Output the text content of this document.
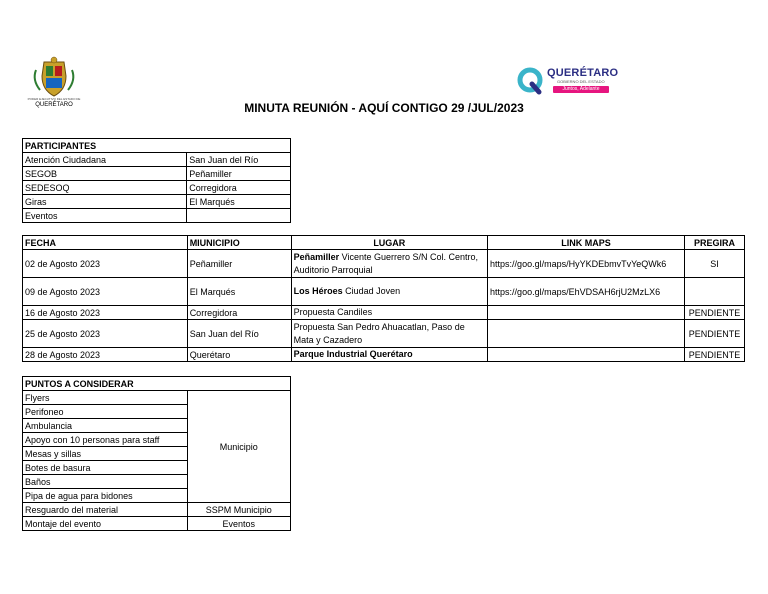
PODER EJECUTIVO DEL ESTADO DE
QUERÉTARO
QUERÉTARO
GOBIERNO DEL ESTADO
Juntos, Adelante
MINUTA REUNIÓN - AQUÍ CONTIGO 29 /JUL/2023
PARTICIPANTES	
Atención Ciudadana	San Juan del Río
SEGOB	Peñamiller
SEDESOQ	Corregidora
Giras	El Marqués
Eventos	
FECHA	MIUNICIPIO	LUGAR	LINK MAPS	PREGIRA
02 de Agosto 2023	Peñamiller	Peñamiller Vicente Guerrero S/N Col. Centro, Auditorio Parroquial	https://goo.gl/maps/HyYKDEbmvTvYeQWk6	SI
09 de Agosto 2023	El Marqués	Los Héroes Ciudad Joven	https://goo.gl/maps/EhVDSAH6rjU2MzLX6	
16 de Agosto 2023	Corregidora	Propuesta Candiles		PENDIENTE
25 de Agosto 2023	San Juan del Río	Propuesta San Pedro Ahuacatlan, Paso de Mata y Cazadero		PENDIENTE
28 de Agosto 2023	Querétaro	Parque Industrial Querétaro		PENDIENTE
PUNTOS A CONSIDERAR	
Flyers	Municipio
Perifoneo	
Ambulancia	
Apoyo con 10 personas para staff	
Mesas y sillas	
Botes de basura	
Baños	
Pipa de agua para bidones	
Resguardo del material	SSPM Municipio
Montaje del evento	Eventos
